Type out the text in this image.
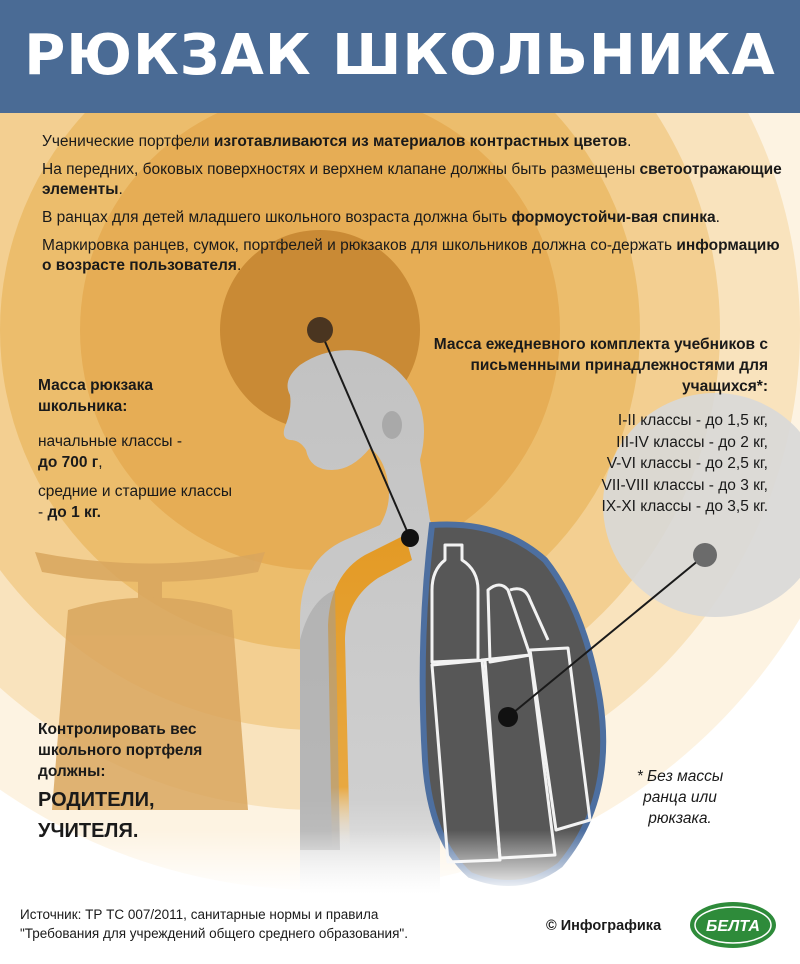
РЮКЗАК ШКОЛЬНИКА

Ученические портфели изготавливаются из материалов контрастных цветов.

На передних, боковых поверхностях и верхнем клапане должны быть размещены светоотражающие элементы.

В ранцах для детей младшего школьного возраста должна быть формоустойчи-вая спинка.

Маркировка ранцев, сумок, портфелей и рюкзаков для школьников должна со-держать информацию о возрасте пользователя.

Масса рюкзака школьника:
начальные классы -
до 700 г,
средние и старшие классы - до 1 кг.
Масса ежедневного комплекта учебников с письменными принадлежностями для учащихся*:
I-II классы - до 1,5 кг,
III-IV классы - до 2 кг,
V-VI классы - до 2,5 кг,
VII-VIII классы - до 3 кг,
IX-XI классы - до 3,5 кг.
Контролировать вес школьного портфеля должны:
РОДИТЕЛИ,
УЧИТЕЛЯ.
* Без массы ранца или рюкзака.
Источник: ТР ТС 007/2011, санитарные нормы и правила
"Требования для учреждений общего среднего образования".	© Инфографика	БЕЛТА
